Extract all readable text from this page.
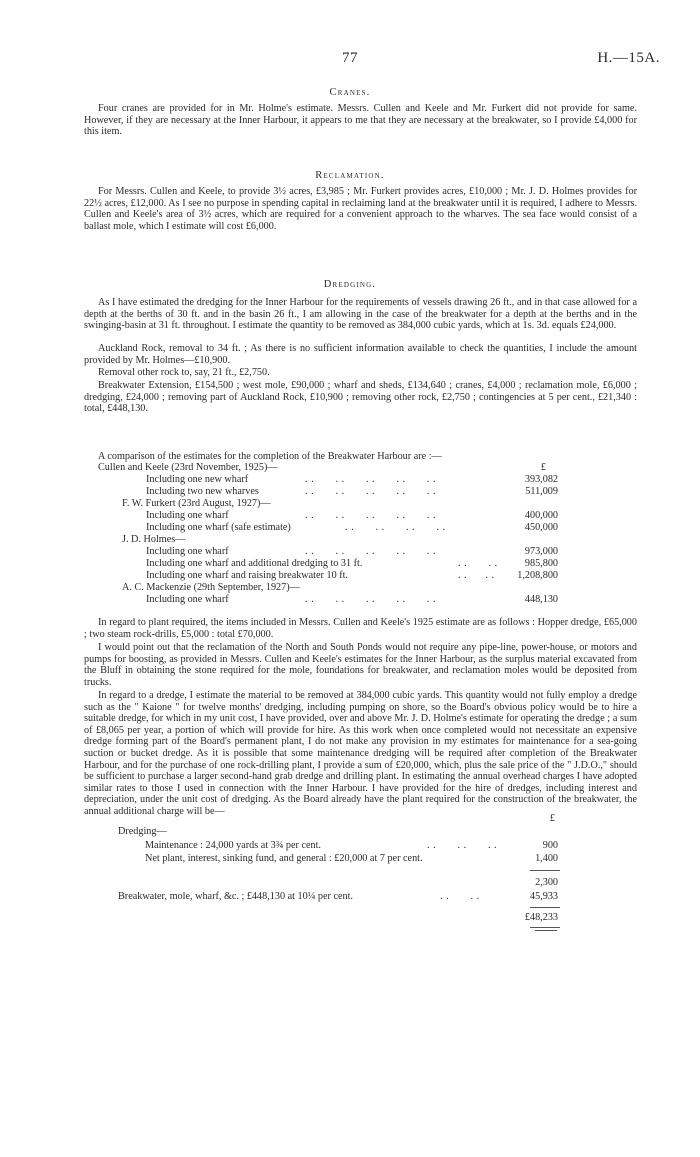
77	H.—15A.
Cranes.

Four cranes are provided for in Mr. Holme's estimate. Messrs. Cullen and Keele and Mr. Furkert did not provide for same. However, if they are necessary at the Inner Harbour, it appears to me that they are necessary at the breakwater, so I provide £4,000 for this item.

Reclamation.

For Messrs. Cullen and Keele, to provide 3½ acres, £3,985 ; Mr. Furkert provides acres, £10,000 ; Mr. J. D. Holmes provides for 22½ acres, £12,000. As I see no purpose in spending capital in reclaiming land at the breakwater until it is required, I adhere to Messrs. Cullen and Keele's area of 3½ acres, which are required for a convenient approach to the wharves. The sea face would consist of a ballast mole, which I estimate will cost £6,000.

Dredging.

As I have estimated the dredging for the Inner Harbour for the requirements of vessels drawing 26 ft., and in that case allowed for a depth at the berths of 30 ft. and in the basin 26 ft., I am allowing in the case of the breakwater for a depth at the berths and in the swinging-basin at 31 ft. throughout. I estimate the quantity to be removed as 384,000 cubic yards, which at 1s. 3d. equals £24,000.

Auckland Rock, removal to 34 ft. ; As there is no sufficient information available to check the quantities, I include the amount provided by Mr. Holmes—£10,900.

Removal other rock to, say, 21 ft., £2,750.

Breakwater Extension, £154,500 ; west mole, £90,000 ; wharf and sheds, £134,640 ; cranes, £4,000 ; reclamation mole, £6,000 ; dredging, £24,000 ; removing part of Auckland Rock, £10,900 ; removing other rock, £2,750 ; contingencies at 5 per cent., £21,340 : total, £448,130.

A comparison of the estimates for the completion of the Breakwater Harbour are :—

£
Cullen and Keele (23rd November, 1925)—
Including one new wharf	. .       . .       . .       . .       . .	393,082
Including two new wharves	. .       . .       . .       . .       . .	511,009
F. W. Furkert (23rd August, 1927)—
Including one wharf	. .       . .       . .       . .       . .	400,000
Including one wharf (safe estimate)	. .       . .       . .       . .	450,000
J. D. Holmes—
Including one wharf	. .       . .       . .       . .       . .	973,000
Including one wharf and additional dredging to 31 ft.	. .       . .	985,800
Including one wharf and raising breakwater 10 ft.	. .      . . 1,208,800
A. C. Mackenzie (29th September, 1927)—
Including one wharf	. .       . .       . .       . .       . .	448,130

In regard to plant required, the items included in Messrs. Cullen and Keele's 1925 estimate are as follows : Hopper dredge, £65,000 ; two steam rock-drills, £5,000 : total £70,000.

I would point out that the reclamation of the North and South Ponds would not require any pipe-line, power-house, or motors and pumps for boosting, as provided in Messrs. Cullen and Keele's estimates for the Inner Harbour, as the surplus material excavated from the Bluff in obtaining the stone required for the mole, foundations for breakwater, and reclamation moles would be deposited from trucks.

In regard to a dredge, I estimate the material to be removed at 384,000 cubic yards. This quantity would not fully employ a dredge such as the " Kaione " for twelve months' dredging, including pumping on shore, so the Board's obvious policy would be to hire a suitable dredge, for which in my unit cost, I have provided, over and above Mr. J. D. Holme's estimate for operating the dredge ; a sum of £8,065 per year, a portion of which will provide for hire. As this work when once completed would not necessitate an expensive dredge forming part of the Board's permanent plant, I do not make any provision in my estimates for maintenance for a sea-going suction or bucket dredge. As it is possible that some maintenance dredging will be required after completion of the Breakwater Harbour, and for the purchase of one rock-drilling plant, I provide a sum of £20,000, which, plus the sale price of the " J.D.O.," should be sufficient to purchase a larger second-hand grab dredge and drilling plant. In estimating the annual overhead charges I have adopted similar rates to those I used in connection with the Inner Harbour. I have provided for the hire of dredges, including interest and depreciation, under the unit cost of dredging. As the Board already have the plant required for the construction of the breakwater, the annual additional charge will be—

£
Dredging—
Maintenance : 24,000 yards at 3¾ per cent.	. .       . .       . .	900
Net plant, interest, sinking fund, and general : £20,000 at 7 per cent.	1,400
2,300
Breakwater, mole, wharf, &c. ; £448,130 at 10¼ per cent.	. .       . .	45,933
£48,233
